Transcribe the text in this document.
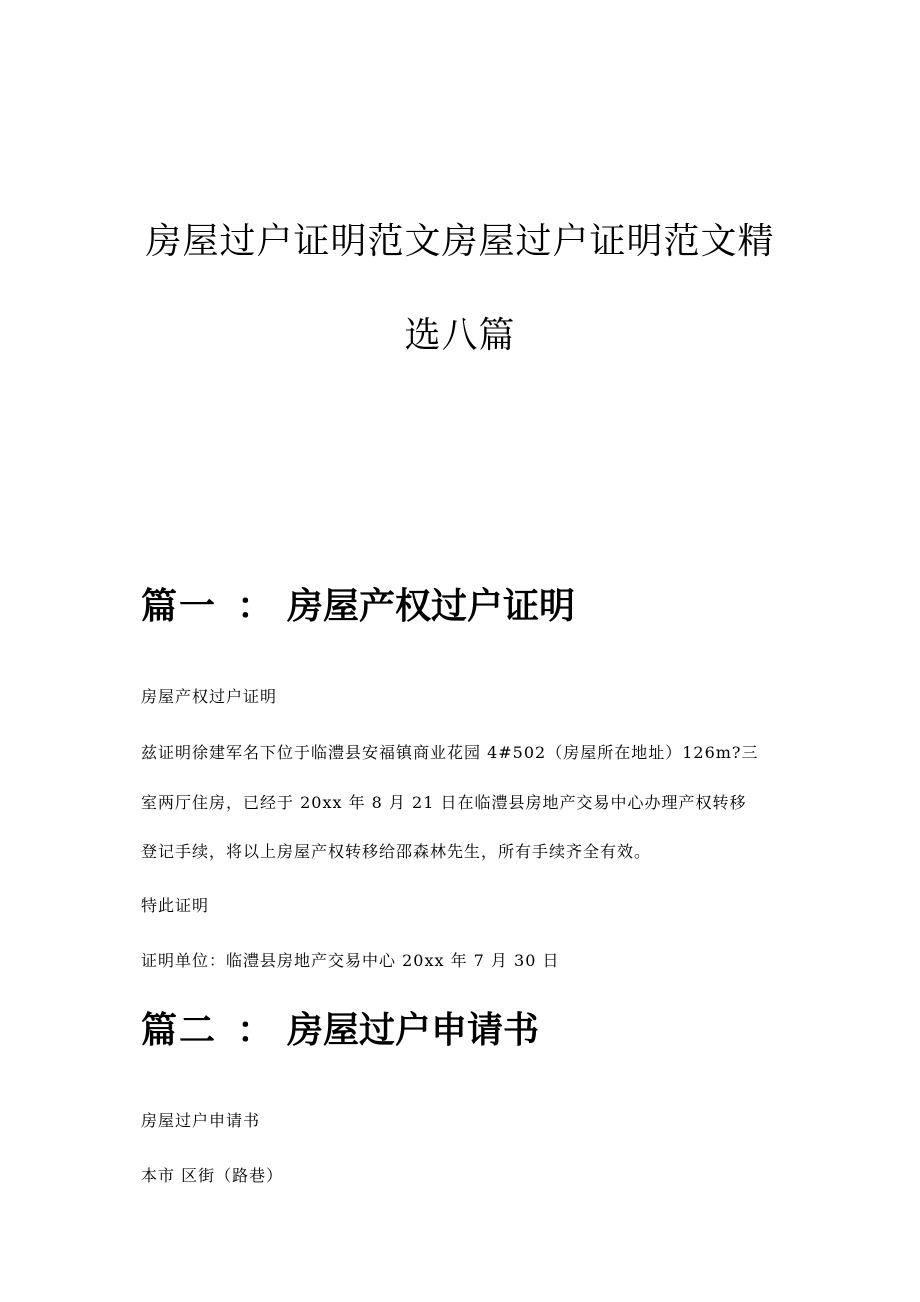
房屋过户证明范文房屋过户证明范文精
选八篇
篇一 ： 房屋产权过户证明

房屋产权过户证明

兹证明徐建军名下位于临澧县安福镇商业花园 4#502（房屋所在地址）126m?三

室两厅住房，已经于 20xx 年 8 月 21 日在临澧县房地产交易中心办理产权转移

登记手续，将以上房屋产权转移给邵森林先生，所有手续齐全有效。

特此证明

证明单位：临澧县房地产交易中心 20xx 年 7 月 30 日

篇二 ： 房屋过户申请书

房屋过户申请书

本市 区街（路巷）
